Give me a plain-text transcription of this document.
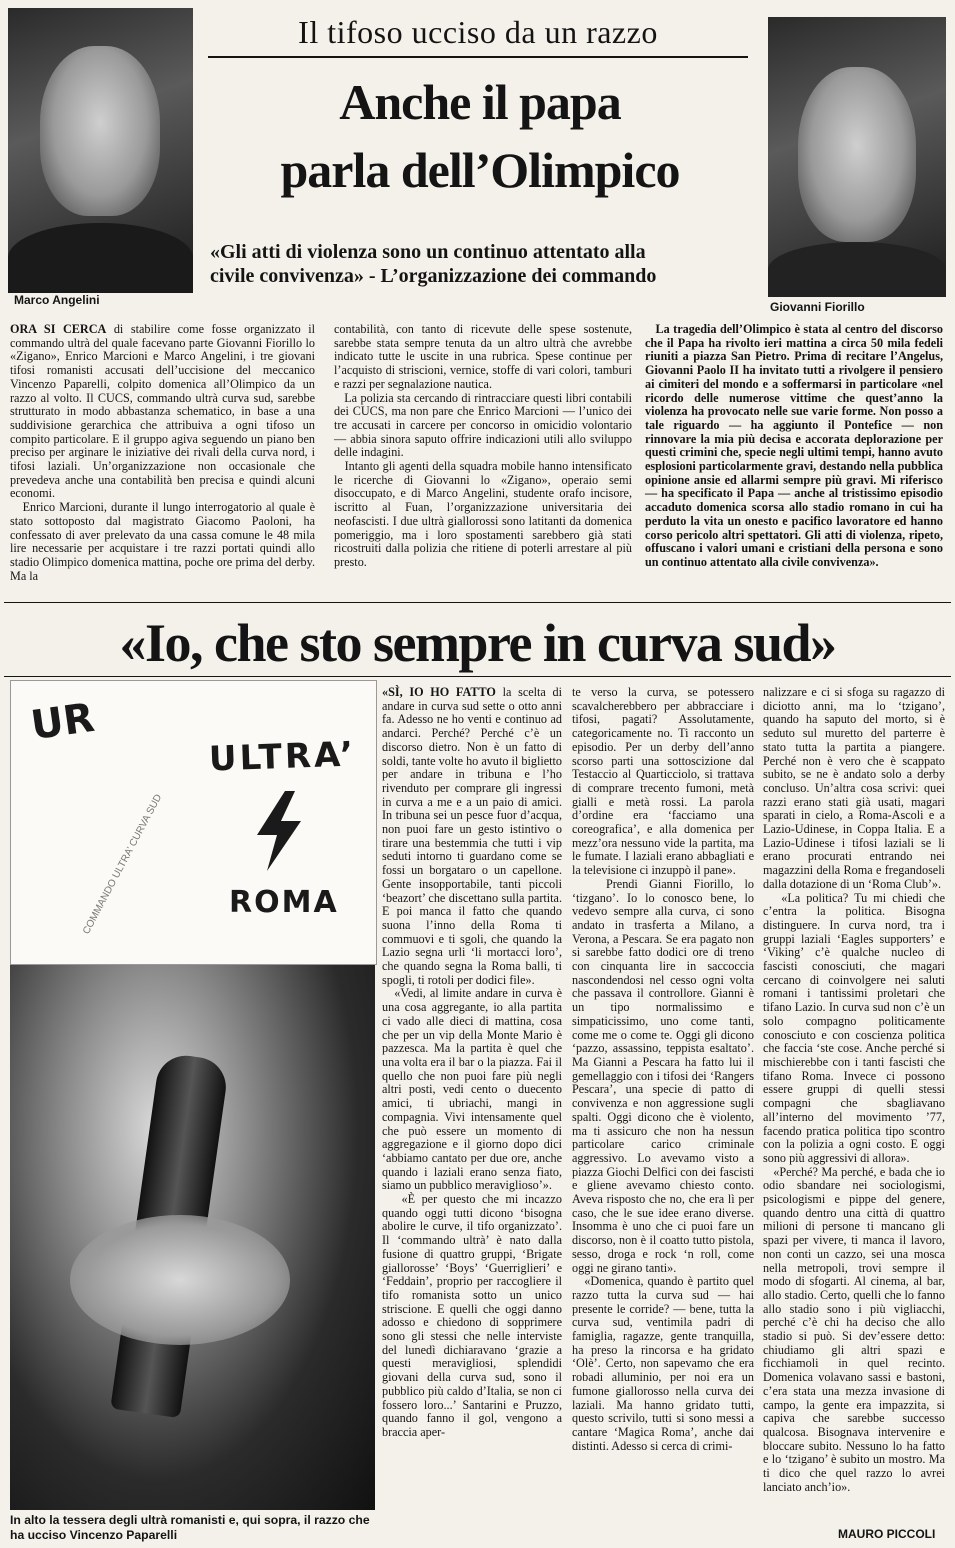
Marco Angelini	Giovanni Fiorillo
Il tifoso ucciso da un razzo
Anche il papa
parla dell’Olimpico
«Gli atti di violenza sono un continuo attentato alla
civile convivenza» - L’organizzazione dei commando
ORA SI CERCA di stabilire come fosse organizzato il commando ultrà del quale facevano parte Giovanni Fiorillo lo «Zigano», Enrico Marcioni e Marco Angelini, i tre giovani tifosi romanisti accusati dell’uccisione del meccanico Vincenzo Paparelli, colpito domenica all’Olimpico da un razzo al volto. Il CUCS, commando ultrà curva sud, sarebbe strutturato in modo abbastanza schematico, in base a una suddivisione gerarchica che attribuiva a ogni tifoso un compito particolare. E il gruppo agiva seguendo un piano ben preciso per arginare le iniziative dei rivali della curva nord, i tifosi laziali. Un’organizzazione non occasionale che prevedeva anche una contabilità ben precisa e quindi alcuni economi.
Enrico Marcioni, durante il lungo interrogatorio al quale è stato sottoposto dal magistrato Giacomo Paoloni, ha confessato di aver prelevato da una cassa comune le 48 mila lire necessarie per acquistare i tre razzi portati quindi allo stadio Olimpico domenica mattina, poche ore prima del derby. Ma la
contabilità, con tanto di ricevute delle spese sostenute, sarebbe stata sempre tenuta da un altro ultrà che avrebbe indicato tutte le uscite in una rubrica. Spese continue per l’acquisto di striscioni, vernice, stoffe di vari colori, tamburi e razzi per segnalazione nautica.
La polizia sta cercando di rintracciare questi libri contabili dei CUCS, ma non pare che Enrico Marcioni — l’unico dei tre accusati in carcere per concorso in omicidio volontario — abbia sinora saputo offrire indicazioni utili allo sviluppo delle indagini.
Intanto gli agenti della squadra mobile hanno intensificato le ricerche di Giovanni lo «Zigano», operaio semi disoccupato, e di Marco Angelini, studente orafo incisore, iscritto al Fuan, l’organizzazione universitaria dei neofascisti. I due ultrà giallorossi sono latitanti da domenica pomeriggio, ma i loro spostamenti sarebbero già stati ricostruiti dalla polizia che ritiene di poterli arrestare al più presto.
La tragedia dell’Olimpico è stata al centro del discorso che il Papa ha rivolto ieri mattina a circa 50 mila fedeli riuniti a piazza San Pietro. Prima di recitare l’Angelus, Giovanni Paolo II ha invitato tutti a rivolgere il pensiero ai cimiteri del mondo e a soffermarsi in particolare «nel ricordo delle numerose vittime che quest’anno la violenza ha provocato nelle sue varie forme. Non posso a tale riguardo — ha aggiunto il Pontefice — non rinnovare la mia più decisa e accorata deplorazione per questi crimini che, specie negli ultimi tempi, hanno avuto esplosioni particolarmente gravi, destando nella pubblica opinione ansie ed allarmi sempre più gravi. Mi riferisco — ha specificato il Papa — anche al tristissimo episodio accaduto domenica scorsa allo stadio romano in cui ha perduto la vita un onesto e pacifico lavoratore ed hanno corso pericolo altri spettatori. Gli atti di violenza, ripeto, offuscano i valori umani e cristiani della persona e sono un continuo attentato alla civile convivenza».
«Io, che sto sempre in curva sud»
UR
ULTRA’
ROMA
COMMANDO ULTRA’ CURVA SUD
In alto la tessera degli ultrà romanisti e, qui sopra, il razzo che ha ucciso Vincenzo Paparelli
«SÌ, IO HO FATTO la scelta di andare in curva sud sette o otto anni fa. Adesso ne ho venti e continuo ad andarci. Perché? Perché c’è un discorso dietro. Non è un fatto di soldi, tante volte ho avuto il biglietto per andare in tribuna e l’ho rivenduto per comprare gli ingressi in curva a me e a un paio di amici. In tribuna sei un pesce fuor d’acqua, non puoi fare un gesto istintivo o tirare una bestemmia che tutti i vip seduti intorno ti guardano come se fossi un borgataro o un capellone. Gente insopportabile, tanti piccoli ‘beazort’ che discettano sulla partita. E poi manca il fatto che quando suona l’inno della Roma ti commuovi e ti sgoli, che quando la Lazio segna urli ‘li mortacci loro’, che quando segna la Roma balli, ti spogli, ti rotoli per dodici file».
«Vedi, al limite andare in curva è una cosa aggregante, io alla partita ci vado alle dieci di mattina, cosa che per un vip della Monte Mario è pazzesca. Ma la partita è quel che una volta era il bar o la piazza. Fai il quello che non puoi fare più negli altri posti, vedi cento o duecento amici, ti ubriachi, mangi in compagnia. Vivi intensamente quel che può essere un momento di aggregazione e il giorno dopo dici ‘abbiamo cantato per due ore, anche quando i laziali erano senza fiato, siamo un pubblico meraviglioso’».
«È per questo che mi incazzo quando oggi tutti dicono ‘bisogna abolire le curve, il tifo organizzato’. Il ‘commando ultrà’ è nato dalla fusione di quattro gruppi, ‘Brigate giallorosse’ ‘Boys’ ‘Guerriglieri’ e ‘Feddain’, proprio per raccogliere il tifo romanista sotto un unico striscione. E quelli che oggi danno adosso e chiedono di sopprimere sono gli stessi che nelle interviste del lunedì dichiaravano ‘grazie a questi meravigliosi, splendidi giovani della curva sud, sono il pubblico più caldo d’Italia, se non ci fossero loro...’ Santarini e Pruzzo, quando fanno il gol, vengono a braccia aper-
te verso la curva, se potessero scavalcherebbero per abbracciare i tifosi, pagati? Assolutamente, categoricamente no. Ti racconto un episodio. Per un derby dell’anno scorso parti una sottoscizione dal Testaccio al Quarticciolo, si trattava di comprare trecento fumoni, metà gialli e metà rossi. La parola d’ordine era ‘facciamo una coreografica’, e alla domenica per mezz’ora nessuno vide la partita, ma le fumate. I laziali erano abbagliati e la televisione ci inzuppò il pane».
Prendi Gianni Fiorillo, lo ‘tizgano’. Io lo conosco bene, lo vedevo sempre alla curva, ci sono andato in trasferta a Milano, a Verona, a Pescara. Se era pagato non si sarebbe fatto dodici ore di treno con cinquanta lire in saccoccia nascondendosi nel cesso ogni volta che passava il controllore. Gianni è un tipo normalissimo e simpaticissimo, uno come tanti, come me o come te. Oggi gli dicono ‘pazzo, assassino, teppista esaltato’. Ma Gianni a Pescara ha fatto lui il gemellaggio con i tifosi dei ‘Rangers Pescara’, una specie di patto di convivenza e non aggressione sugli spalti. Oggi dicono che è violento, ma ti assicuro che non ha nessun particolare carico criminale aggressivo. Lo avevamo visto a piazza Giochi Delfici con dei fascisti e gliene avevamo chiesto conto. Aveva risposto che no, che era lì per caso, che le sue idee erano diverse. Insomma è uno che ci puoi fare un discorso, non è il coatto tutto pistola, sesso, droga e rock ‘n roll, come oggi ne girano tanti».
«Domenica, quando è partito quel razzo tutta la curva sud — hai presente le corride? — bene, tutta la curva sud, ventimila padri di famiglia, ragazze, gente tranquilla, ha preso la rincorsa e ha gridato ‘Olè’. Certo, non sapevamo che era robadi alluminio, per noi era un fumone giallorosso nella curva dei laziali. Ma hanno gridato tutti, questo scrivilo, tutti si sono messi a cantare ‘Magica Roma’, anche dai distinti. Adesso si cerca di crimi-
nalizzare e ci si sfoga su ragazzo di diciotto anni, ma lo ‘tzigano’, quando ha saputo del morto, si è seduto sul muretto del parterre è stato tutta la partita a piangere. Perché non è vero che è scappato subito, se ne è andato solo a derby concluso. Un’altra cosa scrivi: quei razzi erano stati già usati, magari sparati in cielo, a Roma-Ascoli e a Lazio-Udinese, in Coppa Italia. E a Lazio-Udinese i tifosi laziali se li erano procurati entrando nei magazzini della Roma e fregandoseli dalla dotazione di un ‘Roma Club’».
«La politica? Tu mi chiedi che c’entra la politica. Bisogna distinguere. In curva nord, tra i gruppi laziali ‘Eagles supporters’ e ‘Viking’ c’è qualche nucleo di fascisti conosciuti, che magari cercano di coinvolgere nei saluti romani i tantissimi proletari che tifano Lazio. In curva sud non c’è un solo compagno politicamente conosciuto e con coscienza politica che faccia ‘ste cose. Anche perché si mischierebbe con i tanti fascisti che tifano Roma. Invece ci possono essere gruppi di quelli stessi compagni che sbagliavano all’interno del movimento ’77, facendo pratica politica tipo scontro con la polizia a ogni costo. E oggi sono più aggressivi di allora».
«Perché? Ma perché, e bada che io odio sbandare nei sociologismi, psicologismi e pippe del genere, quando dentro una città di quattro milioni di persone ti mancano gli spazi per vivere, ti manca il lavoro, non conti un cazzo, sei una mosca nella metropoli, trovi sempre il modo di sfogarti. Al cinema, al bar, allo stadio. Certo, quelli che lo fanno allo stadio sono i più vigliacchi, perché c’è chi ha deciso che allo stadio si può. Si dev’essere detto: chiudiamo gli altri spazi e ficchiamoli in quel recinto. Domenica volavano sassi e bastoni, c’era stata una mezza invasione di campo, la gente era impazzita, si capiva che sarebbe successo qualcosa. Bisognava intervenire e bloccare subito. Nessuno lo ha fatto e lo ‘tzigano’ è subito un mostro. Ma ti dico che quel razzo lo avrei lanciato anch’io».
MAURO PICCOLI
